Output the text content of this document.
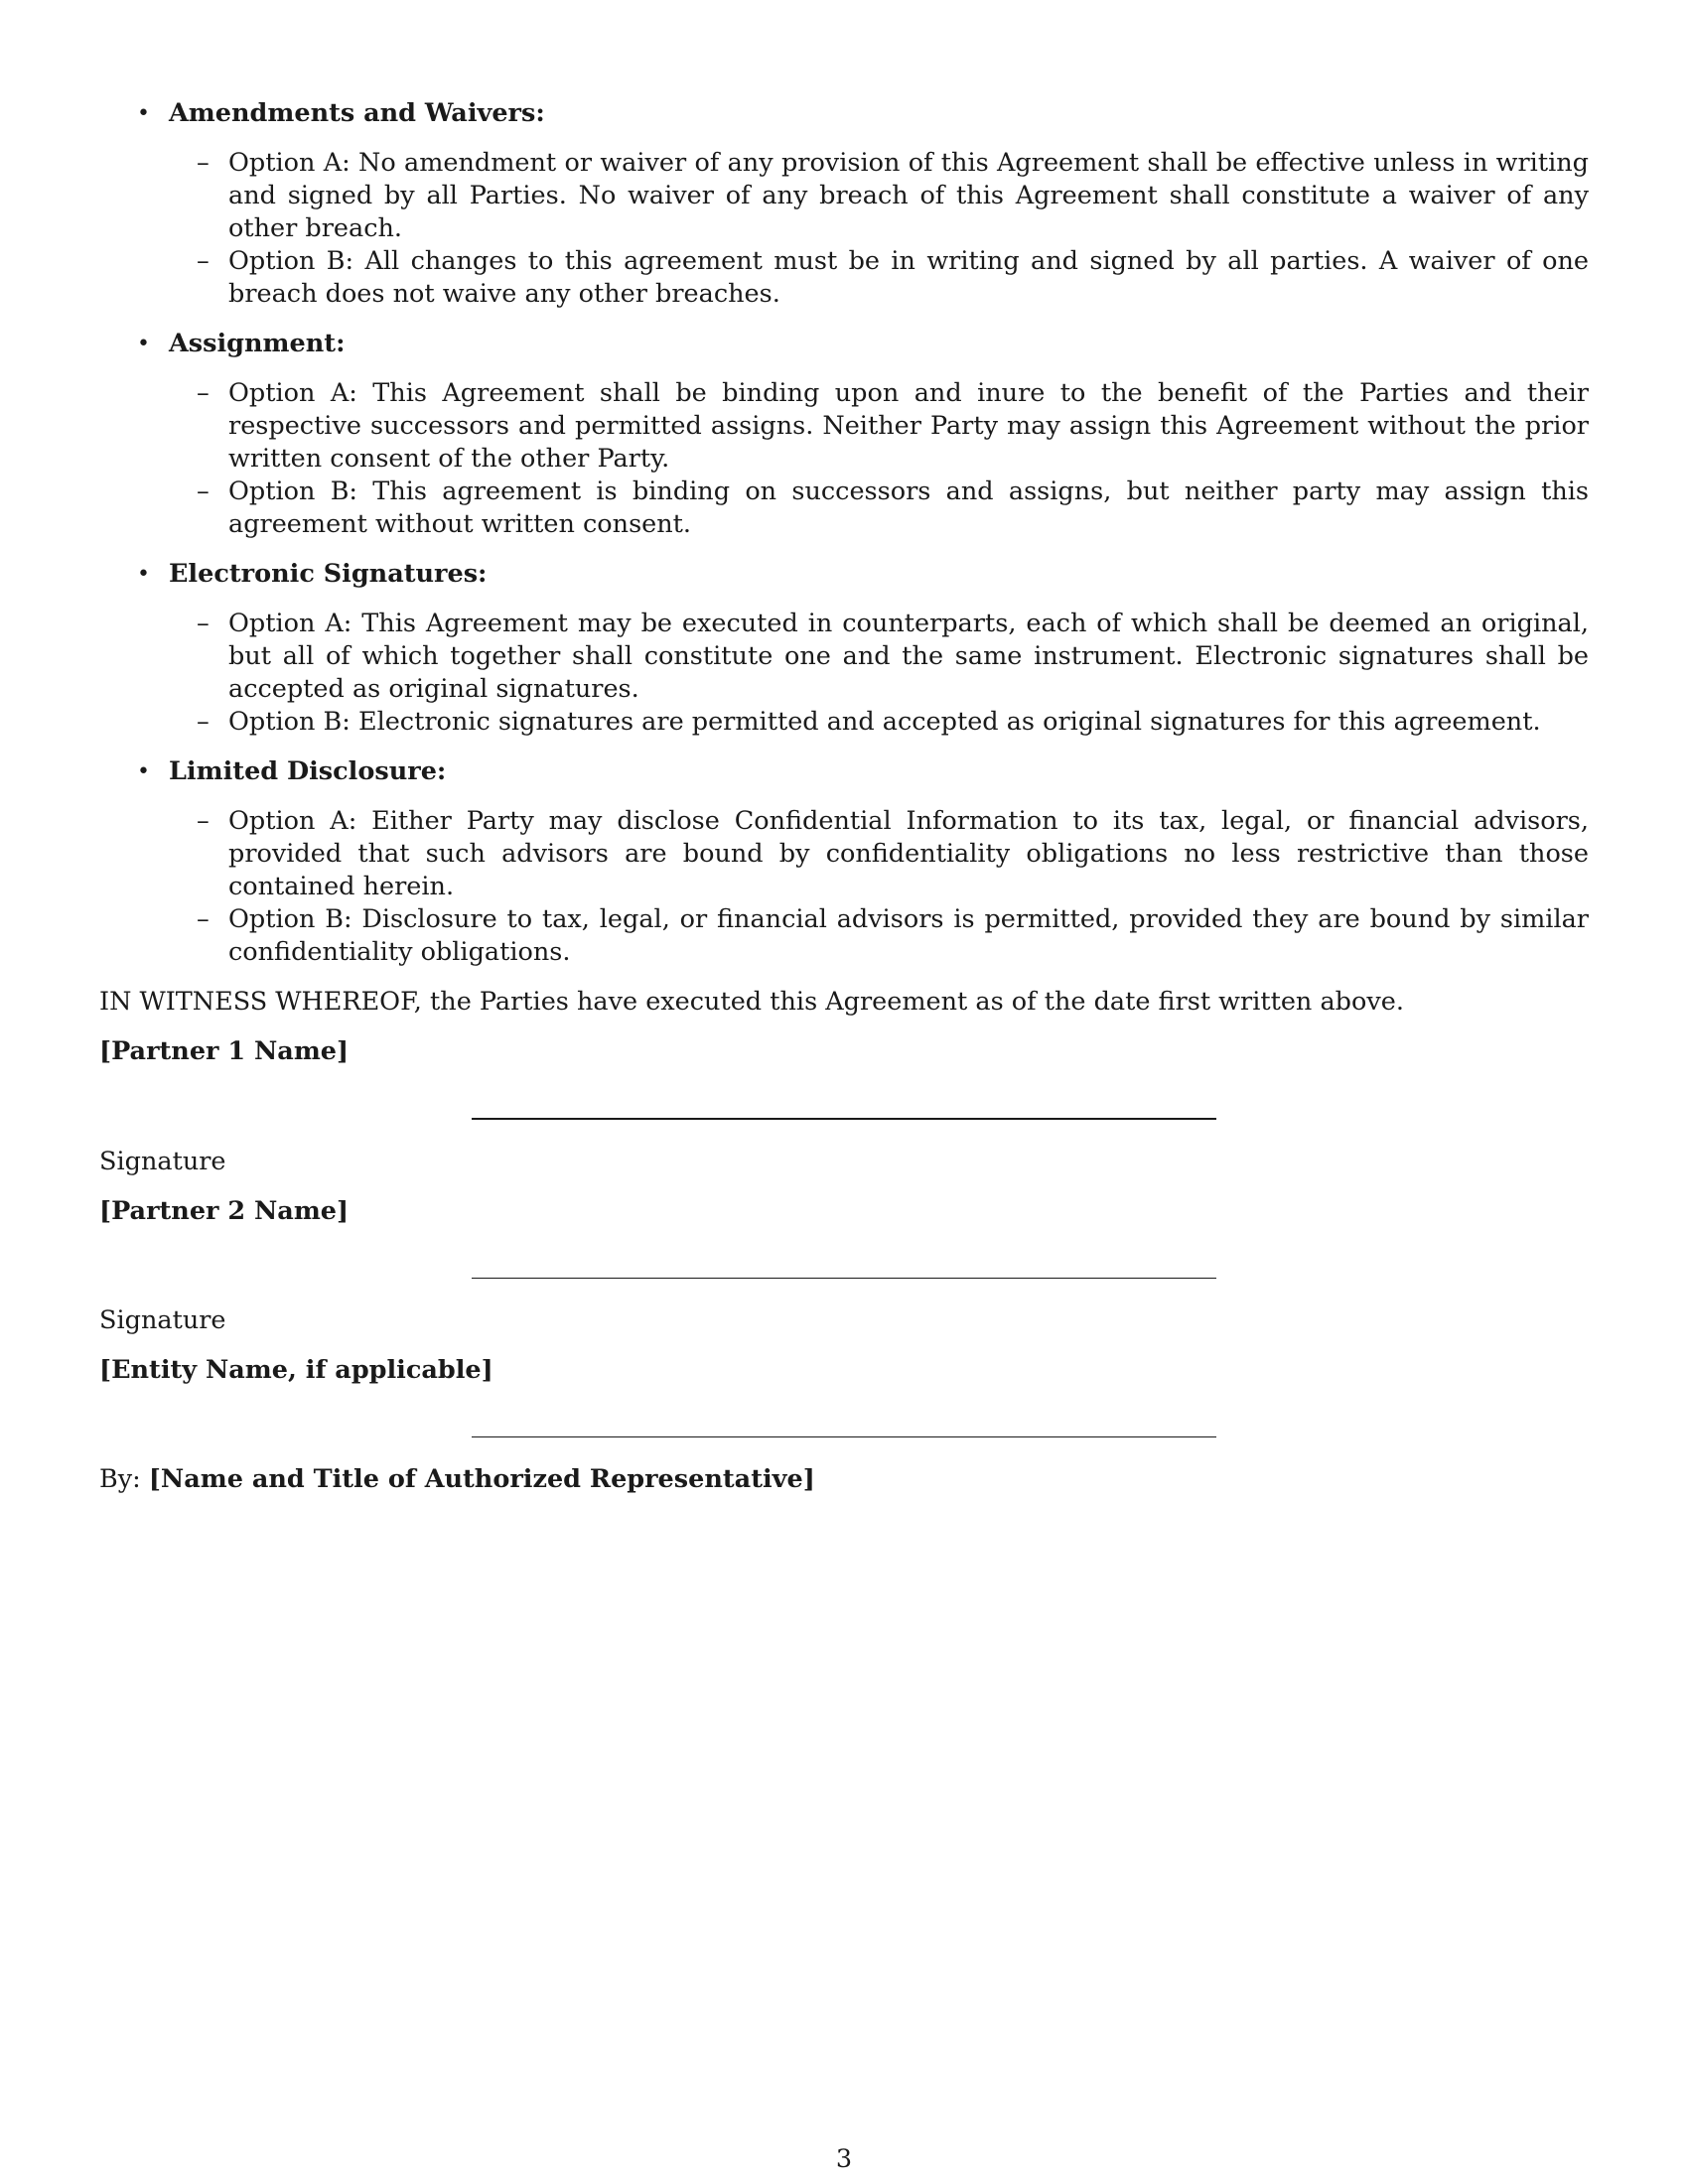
• Amendments and Waivers:
– Option A: No amendment or waiver of any provision of this Agreement shall be effective unless in writing and signed by all Parties. No waiver of any breach of this Agreement shall constitute a waiver of any other breach.
– Option B: All changes to this agreement must be in writing and signed by all parties. A waiver of one breach does not waive any other breaches.
• Assignment:
– Option A: This Agreement shall be binding upon and inure to the benefit of the Parties and their respective successors and permitted assigns. Neither Party may assign this Agreement without the prior written consent of the other Party.
– Option B: This agreement is binding on successors and assigns, but neither party may assign this agreement without written consent.
• Electronic Signatures:
– Option A: This Agreement may be executed in counterparts, each of which shall be deemed an original, but all of which together shall constitute one and the same instrument. Electronic signatures shall be accepted as original signatures.
– Option B: Electronic signatures are permitted and accepted as original signatures for this agreement.
• Limited Disclosure:
– Option A: Either Party may disclose Confidential Information to its tax, legal, or financial advisors, provided that such advisors are bound by confidentiality obligations no less restrictive than those contained herein.
– Option B: Disclosure to tax, legal, or financial advisors is permitted, provided they are bound by similar confidentiality obligations.

IN WITNESS WHEREOF, the Parties have executed this Agreement as of the date first written above.

[Partner 1 Name]

Signature

[Partner 2 Name]

Signature

[Entity Name, if applicable]

By: [Name and Title of Authorized Representative]

3
